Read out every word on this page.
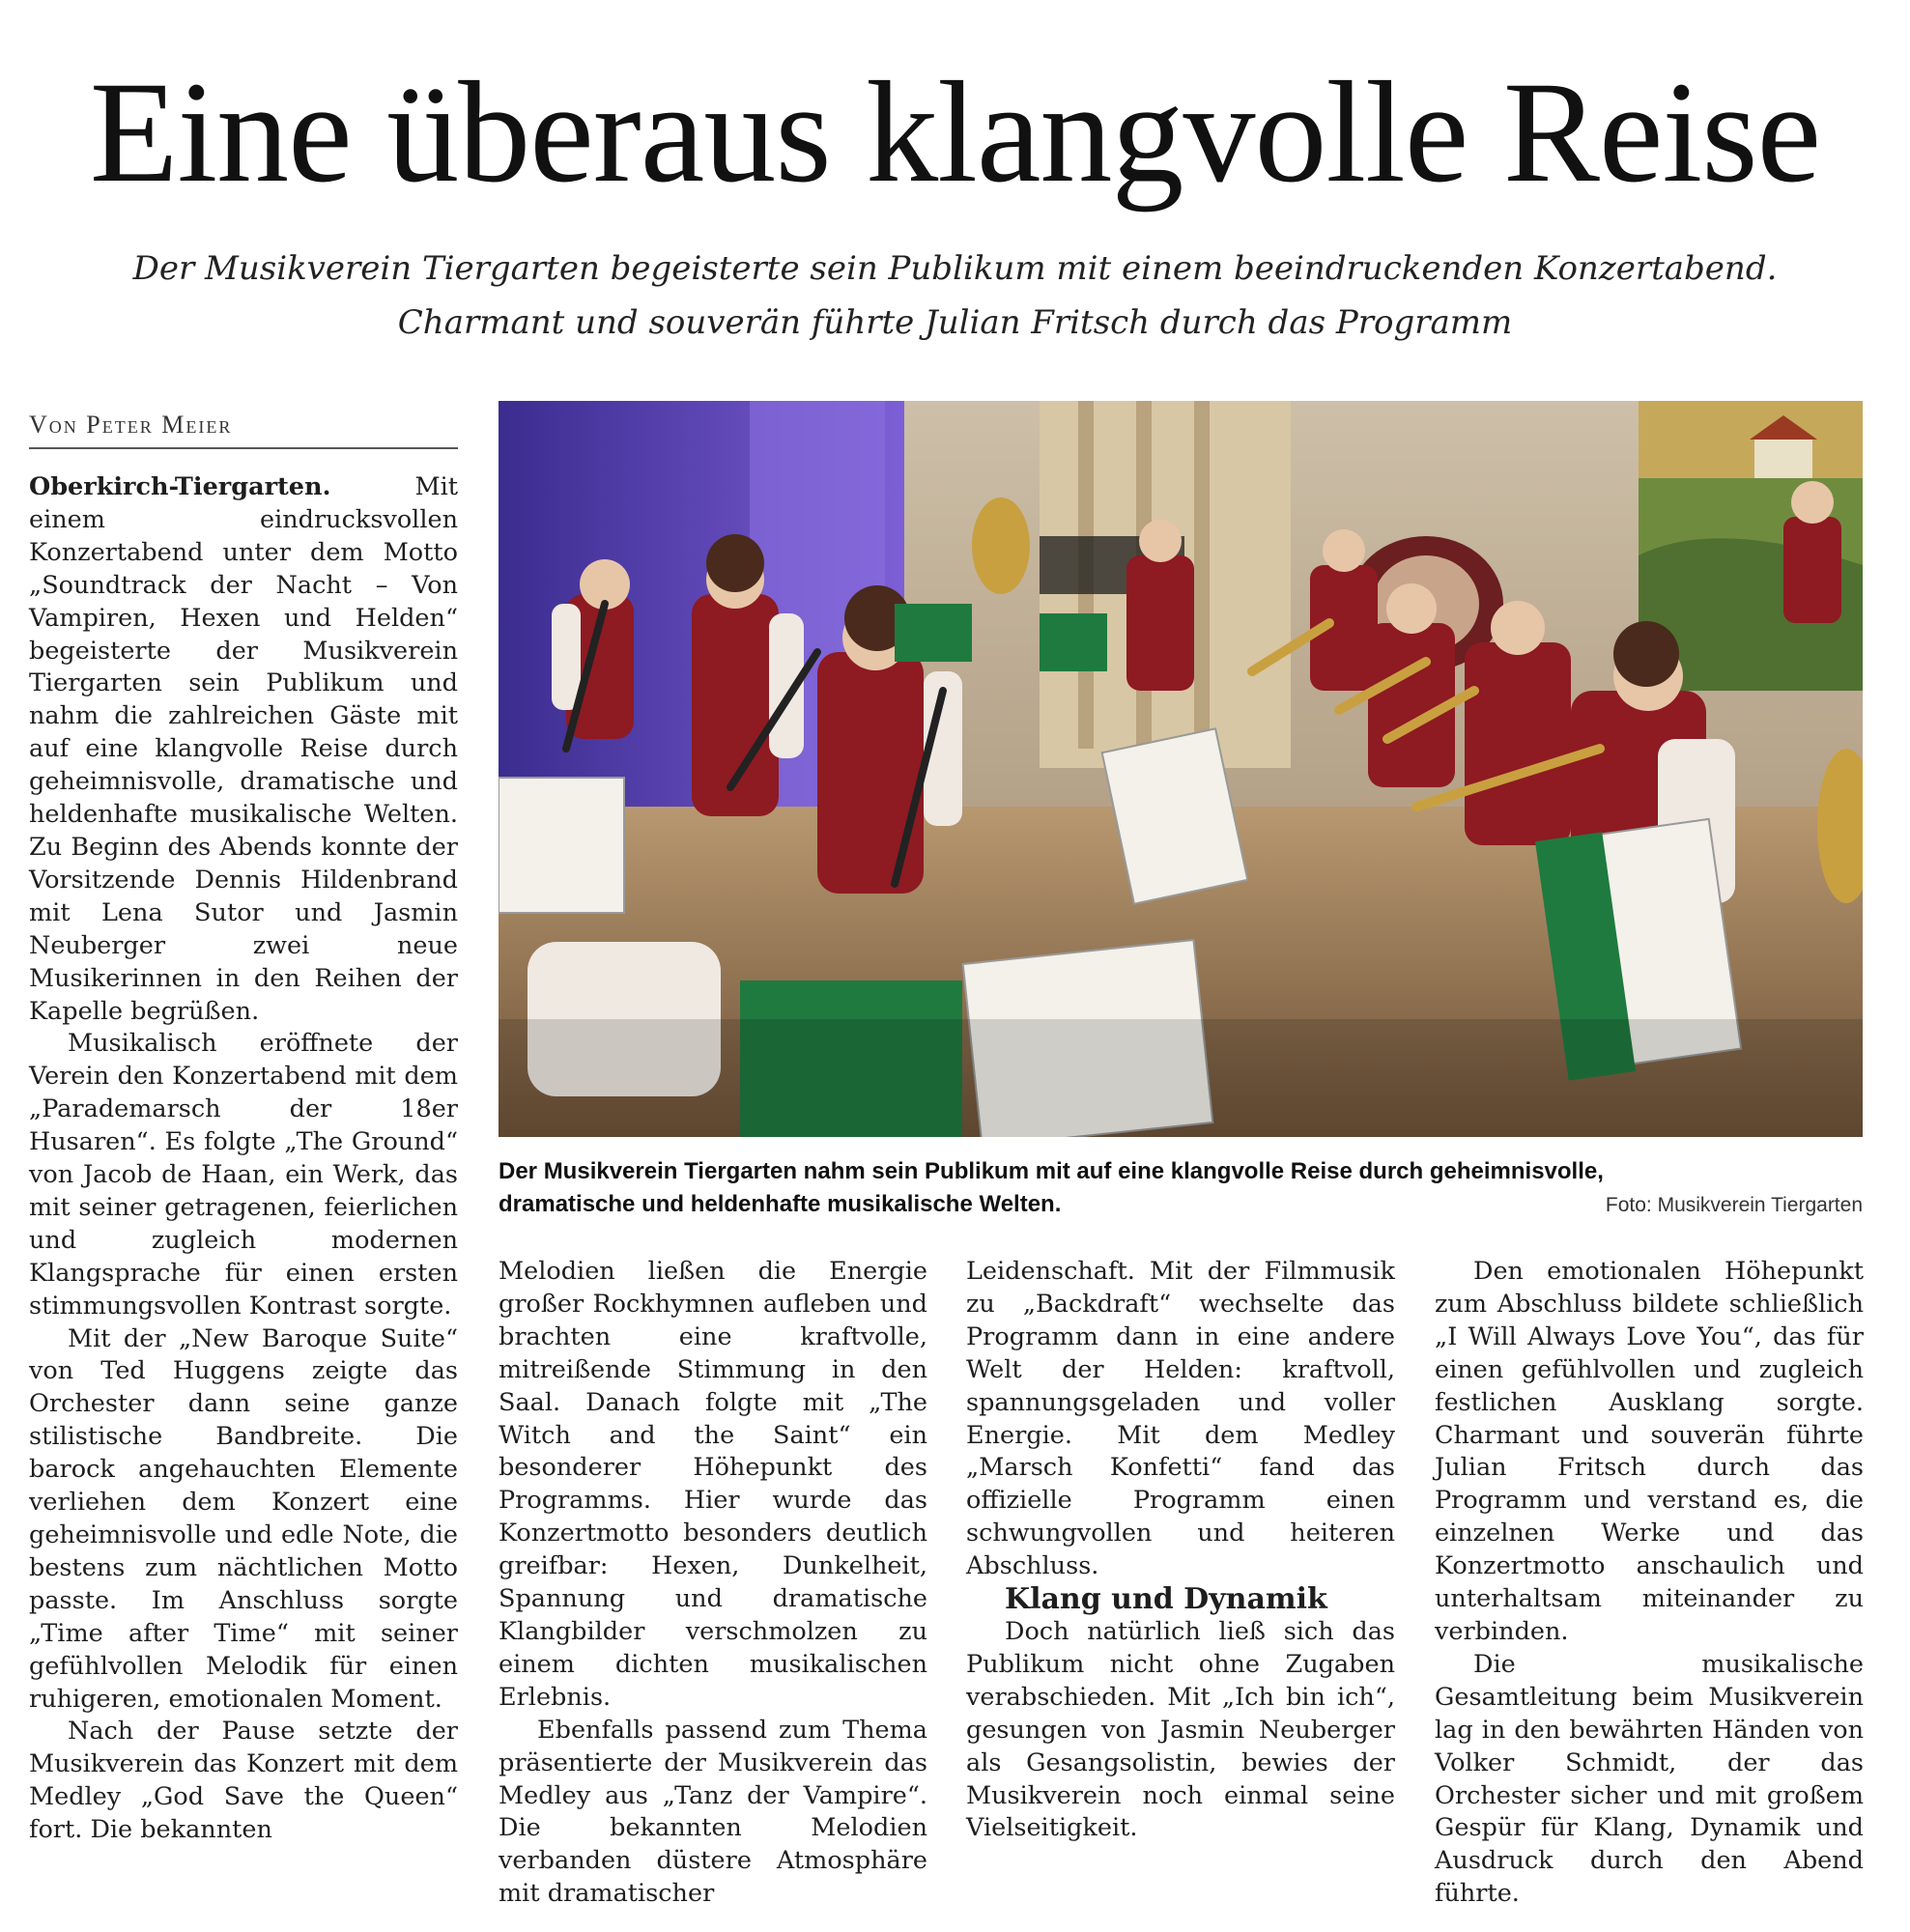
Eine überaus klangvolle Reise

Der Musikverein Tiergarten begeisterte sein Publikum mit einem beeindruckenden Konzertabend.

Charmant und souverän führte Julian Fritsch durch das Programm

Von Peter Meier

Oberkirch-Tiergarten.	Mit einem eindrucksvollen Konzertabend unter dem Motto „Soundtrack der Nacht – Von Vampiren, Hexen und Helden“ begeisterte der Musikverein Tiergarten sein Publikum und nahm die zahlreichen Gäste mit auf eine klangvolle Reise durch geheimnisvolle, dramatische und heldenhafte musikalische Welten. Zu Beginn des Abends konnte der Vorsitzende Dennis Hildenbrand mit Lena Sutor und Jasmin Neuberger zwei neue Musikerinnen in den Reihen der Kapelle begrüßen.

Musikalisch eröffnete der Verein den Konzertabend mit dem „Parademarsch der 18er Husaren“. Es folgte „The Ground“ von Jacob de Haan, ein Werk, das mit seiner getragenen, feierlichen und zugleich modernen Klangsprache für einen ersten stimmungsvollen Kontrast sorgte.

Mit der „New Baroque Suite“ von Ted Huggens zeigte das Orchester dann seine ganze stilistische Bandbreite. Die barock angehauchten Elemente verliehen dem Konzert eine geheimnisvolle und edle Note, die bestens zum nächtlichen Motto passte. Im Anschluss sorgte „Time after Time“ mit seiner gefühlvollen Melodik für einen ruhigeren, emotionalen Moment.

Nach der Pause setzte der Musikverein das Konzert mit dem Medley „God Save the Queen“ fort. Die bekannten

Der Musikverein Tiergarten nahm sein Publikum mit auf eine klangvolle Reise durch geheimnisvolle, dramatische und heldenhafte musikalische Welten.	Foto: Musikverein Tiergarten

Melodien ließen die Energie großer Rockhymnen aufleben und brachten eine kraftvolle, mitreißende Stimmung in den Saal. Danach folgte mit „The Witch and the Saint“ ein besonderer Höhepunkt des Programms. Hier wurde das Konzertmotto besonders deutlich greifbar: Hexen, Dunkelheit, Spannung und dramatische Klangbilder verschmolzen zu einem dichten musikalischen Erlebnis.

Ebenfalls passend zum Thema präsentierte der Musikverein das Medley aus „Tanz der Vampire“. Die bekannten Melodien verbanden düstere Atmosphäre mit dramatischer

Leidenschaft. Mit der Filmmusik zu „Backdraft“ wechselte das Programm dann in eine andere Welt der Helden: kraftvoll, spannungsgeladen und voller Energie. Mit dem Medley „Marsch Konfetti“ fand das offizielle Programm einen schwungvollen und heiteren Abschluss.

Klang und Dynamik

Doch natürlich ließ sich das Publikum nicht ohne Zugaben verabschieden. Mit „Ich bin ich“, gesungen von Jasmin Neuberger als Gesangsolistin, bewies der Musikverein noch einmal seine Vielseitigkeit.

Den emotionalen Höhepunkt zum Abschluss bildete schließlich „I Will Always Love You“, das für einen gefühlvollen und zugleich festlichen Ausklang sorgte. Charmant und souverän führte Julian Fritsch durch das Programm und verstand es, die einzelnen Werke und das Konzertmotto anschaulich und unterhaltsam miteinander zu verbinden.

Die musikalische Gesamtleitung beim Musikverein lag in den bewährten Händen von Volker Schmidt, der das Orchester sicher und mit großem Gespür für Klang, Dynamik und Ausdruck durch den Abend führte.
